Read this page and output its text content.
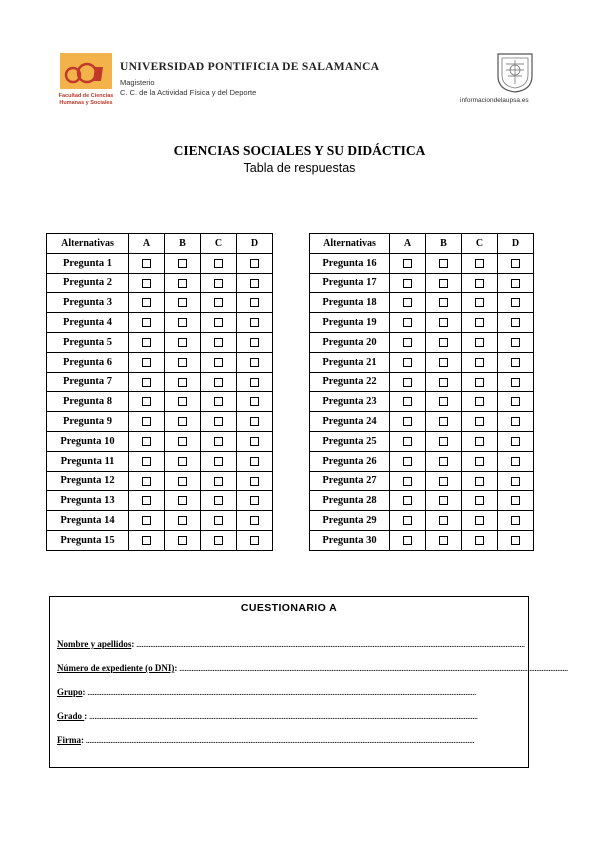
Facultad de Ciencias
Humanas y Sociales
UNIVERSIDAD PONTIFICIA DE SALAMANCA
Magisterio
C. C. de la Actividad Física y del Deporte
informaciondelaupsa.es
CIENCIAS SOCIALES Y SU DIDÁCTICA
Tabla de respuestas
Alternativas	A	B	C	D
Pregunta 1				
Pregunta 2				
Pregunta 3				
Pregunta 4				
Pregunta 5				
Pregunta 6				
Pregunta 7				
Pregunta 8				
Pregunta 9				
Pregunta 10				
Pregunta 11				
Pregunta 12				
Pregunta 13				
Pregunta 14				
Pregunta 15				
Alternativas	A	B	C	D
Pregunta 16				
Pregunta 17				
Pregunta 18				
Pregunta 19				
Pregunta 20				
Pregunta 21				
Pregunta 22				
Pregunta 23				
Pregunta 24				
Pregunta 25				
Pregunta 26				
Pregunta 27				
Pregunta 28				
Pregunta 29				
Pregunta 30				
CUESTIONARIO A
Nombre y apellidos: ..............................................................................................................................................................................................................................
Número de expediente (o DNI): ..............................................................................................................................................................................................................................
Grupo: ..............................................................................................................................................................................................................................
Grado : ..............................................................................................................................................................................................................................
Firma: ..............................................................................................................................................................................................................................
